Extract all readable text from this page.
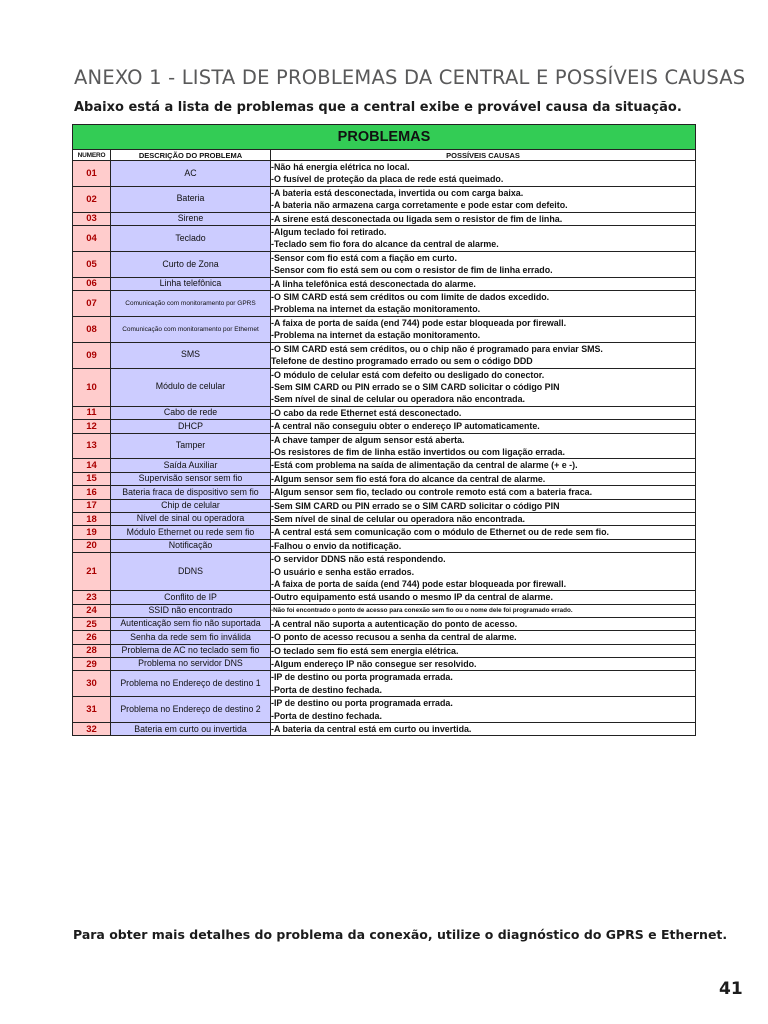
ANEXO 1 - LISTA DE PROBLEMAS DA CENTRAL E POSSÍVEIS CAUSAS

Abaixo está a lista de problemas que a central exibe e provável causa da situação.

PROBLEMAS		
NUMERO	DESCRIÇÃO DO PROBLEMA	POSSÍVEIS CAUSAS
01	AC	-Não há energia elétrica no local.
-O fusível de proteção da placa de rede está queimado.

02	Bateria	-A bateria está desconectada, invertida ou com carga baixa.
-A bateria não armazena carga corretamente e pode estar com defeito.

03	Sirene	-A sirene está desconectada ou ligada sem o resistor de fim de linha.

04	Teclado	-Algum teclado foi retirado.
-Teclado sem fio fora do alcance da central de alarme.

05	Curto de Zona	-Sensor com fio está com a fiação em curto.
-Sensor com fio está sem ou com o resistor de fim de linha errado.

06	Linha telefônica	-A linha telefônica está desconectada do alarme.

07	Comunicação com monitoramento por GPRS	-O SIM CARD está sem créditos ou com limite de dados excedido.
-Problema na internet da estação monitoramento.

08	Comunicação com monitoramento por Ethernet	-A faixa de porta de saída (end 744) pode estar bloqueada por firewall.
-Problema na internet da estação monitoramento.

09	SMS	-O SIM CARD está sem créditos, ou o chip não é programado para enviar SMS.
Telefone de destino programado errado ou sem o código DDD

10	Módulo de celular	-O módulo de celular está com defeito ou desligado do conector.
-Sem SIM CARD ou PIN errado se o SIM CARD solicitar o código PIN
-Sem nível de sinal de celular ou operadora não encontrada.

11	Cabo de rede	-O cabo da rede Ethernet está desconectado.

12	DHCP	-A central não conseguiu obter o endereço IP automaticamente.

13	Tamper	-A chave tamper de algum sensor está aberta.
-Os resistores de fim de linha estão invertidos ou com ligação errada.

14	Saída Auxiliar	-Está com problema na saída de alimentação da central de alarme (+ e -).

15	Supervisão sensor sem fio	-Algum sensor sem fio está fora do alcance da central de alarme.

16	Bateria fraca de dispositivo sem fio	-Algum sensor sem fio, teclado ou controle remoto está com a bateria fraca.

17	Chip de celular	-Sem SIM CARD ou PIN errado se o SIM CARD solicitar o código PIN

18	Nível de sinal ou operadora	-Sem nível de sinal de celular ou operadora não encontrada.

19	Módulo Ethernet ou rede sem fio	-A central está sem comunicação com o módulo de Ethernet ou de rede sem fio.

20	Notificação	-Falhou o envio da notificação.

21	DDNS	-O servidor DDNS não está respondendo.
-O usuário e senha estão errados.
-A faixa de porta de saída (end 744) pode estar bloqueada por firewall.

23	Conflito de IP	-Outro equipamento está usando o mesmo IP da central de alarme.

24	SSID não encontrado	-Não foi encontrado o ponto de acesso para conexão sem fio ou o nome dele foi programado errado.

25	Autenticação sem fio não suportada	-A central não suporta a autenticação do ponto de acesso.

26	Senha da rede sem fio inválida	-O ponto de acesso recusou a senha da central de alarme.

28	Problema de AC no teclado sem fio	-O teclado sem fio está sem energia elétrica.

29	Problema no servidor DNS	-Algum endereço IP não consegue ser resolvido.

30	Problema no Endereço de destino 1	-IP de destino ou porta programada errada.
-Porta de destino fechada.

31	Problema no Endereço de destino 2	-IP de destino ou porta programada errada.
-Porta de destino fechada.

32	Bateria em curto ou invertida	-A bateria da central está em curto ou invertida.

Para obter mais detalhes do problema da conexão, utilize o diagnóstico do GPRS e Ethernet.

41
